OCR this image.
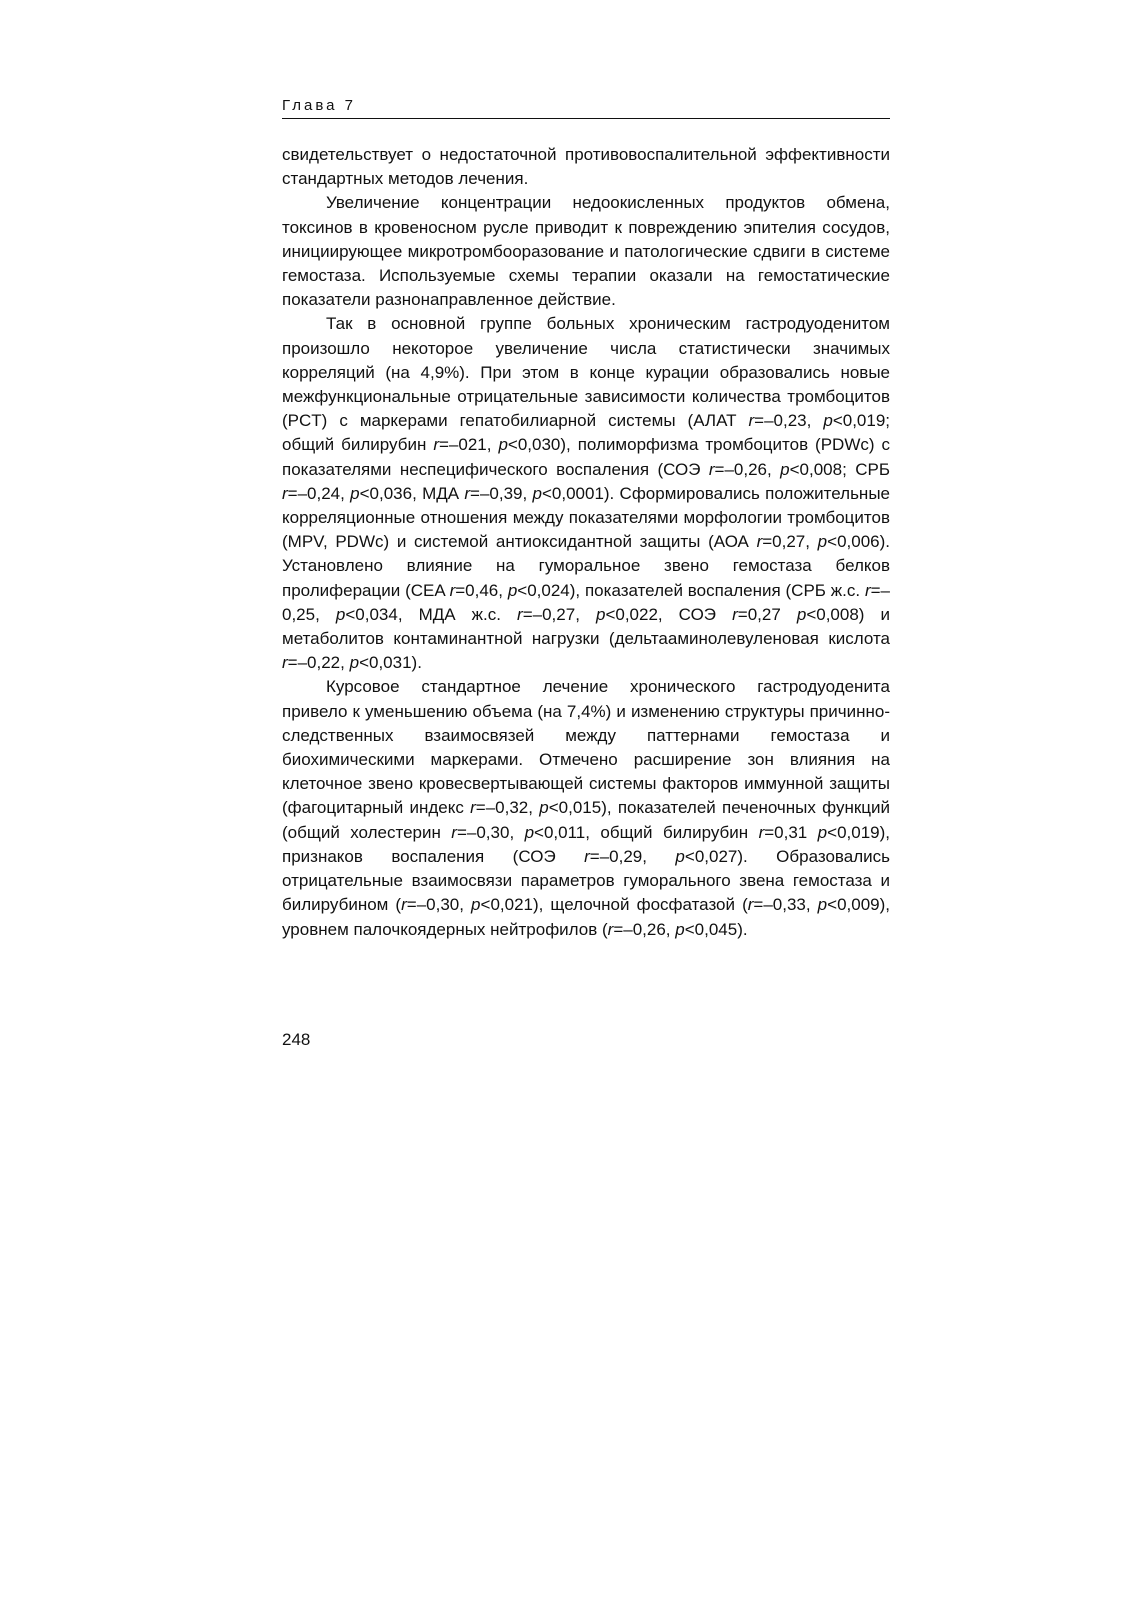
Глава 7

свидетельствует о недостаточной противовоспалительной эффективности стандартных методов лечения.

Увеличение концентрации недоокисленных продуктов обмена, токсинов в кровеносном русле приводит к повреждению эпителия сосудов, инициирующее микротромбооразование и патологические сдвиги в системе гемостаза. Используемые схемы терапии оказали на гемостатические показатели разнонаправленное действие.

Так в основной группе больных хроническим гастродуоденитом произошло некоторое увеличение числа статистически значимых корреляций (на 4,9%). При этом в конце курации образовались новые межфункциональные отрицательные зависимости количества тромбоцитов (PCT) с маркерами гепатобилиарной системы (АЛАТ r=–0,23, p<0,019; общий билирубин r=–021, p<0,030), полиморфизма тромбоцитов (PDWc) с показателями неспецифического воспаления (СОЭ r=–0,26, p<0,008; СРБ r=–0,24, p<0,036, МДА r=–0,39, p<0,0001). Сформировались положительные корреляционные отношения между показателями морфологии тромбоцитов (MPV, PDWc) и системой антиоксидантной защиты (АОА r=0,27, p<0,006). Установлено влияние на гуморальное звено гемостаза белков пролиферации (CEA r=0,46, p<0,024), показателей воспаления (СРБ ж.с. r=–0,25, p<0,034, МДА ж.с. r=–0,27, p<0,022, СОЭ r=0,27 p<0,008) и метаболитов контаминантной нагрузки (дельтааминолевуленовая кислота r=–0,22, p<0,031).

Курсовое стандартное лечение хронического гастродуоденита привело к уменьшению объема (на 7,4%) и изменению структуры причинно-следственных взаимосвязей между паттернами гемостаза и биохимическими маркерами. Отмечено расширение зон влияния на клеточное звено кровесвертывающей системы факторов иммунной защиты (фагоцитарный индекс r=–0,32, p<0,015), показателей печеночных функций (общий холестерин r=–0,30, p<0,011, общий билирубин r=0,31 p<0,019), признаков воспаления (СОЭ r=–0,29, p<0,027). Образовались отрицательные взаимосвязи параметров гуморального звена гемостаза и билирубином (r=–0,30, p<0,021), щелочной фосфатазой (r=–0,33, p<0,009), уровнем палочкоядерных нейтрофилов (r=–0,26, p<0,045).

248
